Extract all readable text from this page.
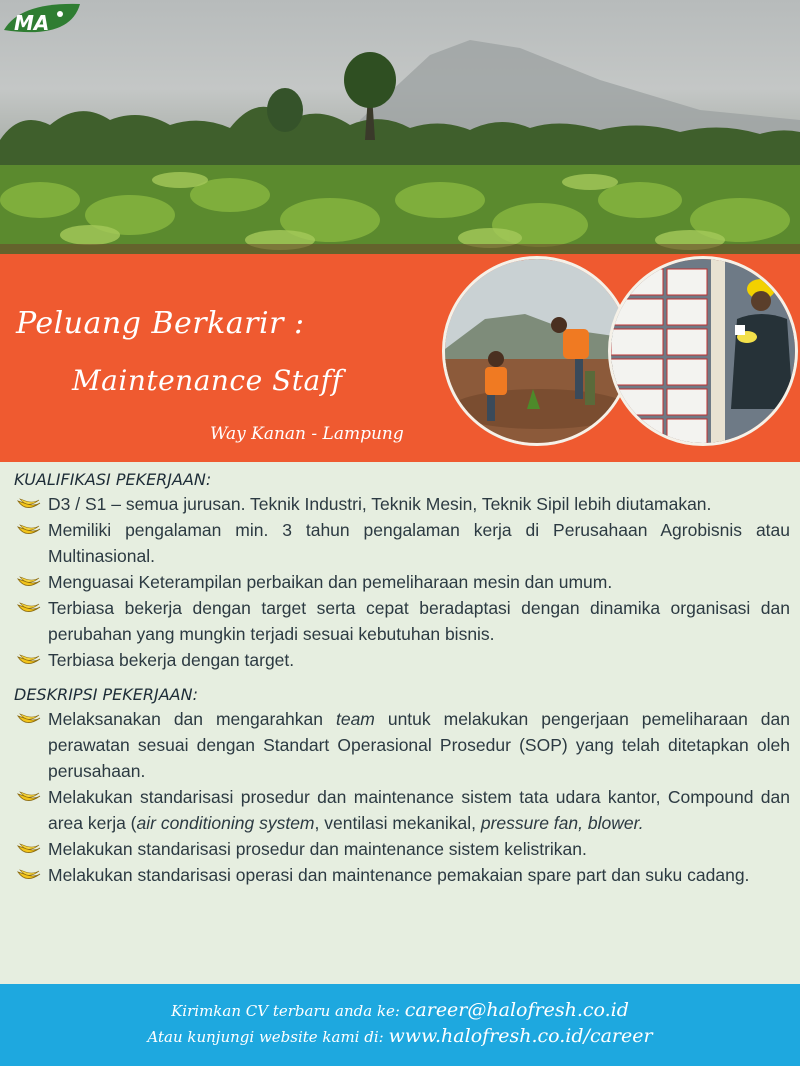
MA
Peluang Berkarir :
Maintenance Staff
Way Kanan - Lampung
KUALIFIKASI PEKERJAAN:
D3 / S1 – semua jurusan. Teknik Industri, Teknik Mesin, Teknik Sipil lebih diutamakan.
Memiliki pengalaman min. 3 tahun pengalaman kerja di Perusahaan Agrobisnis atau Multinasional.
Menguasai Keterampilan perbaikan dan pemeliharaan mesin dan umum.
Terbiasa bekerja dengan target serta cepat beradaptasi dengan dinamika organisasi dan perubahan yang mungkin terjadi sesuai kebutuhan bisnis.
Terbiasa bekerja dengan target.
DESKRIPSI PEKERJAAN:
Melaksanakan dan mengarahkan team untuk melakukan pengerjaan pemeliharaan dan perawatan sesuai dengan Standart Operasional Prosedur (SOP) yang telah ditetapkan oleh perusahaan.
Melakukan standarisasi prosedur dan maintenance sistem tata udara kantor, Compound dan area kerja (air conditioning system, ventilasi mekanikal, pressure fan, blower.
Melakukan standarisasi prosedur dan maintenance sistem kelistrikan.
Melakukan standarisasi operasi dan maintenance pemakaian spare part dan suku cadang.
Kirimkan CV terbaru anda ke: career@halofresh.co.id
Atau kunjungi website kami di: www.halofresh.co.id/career
